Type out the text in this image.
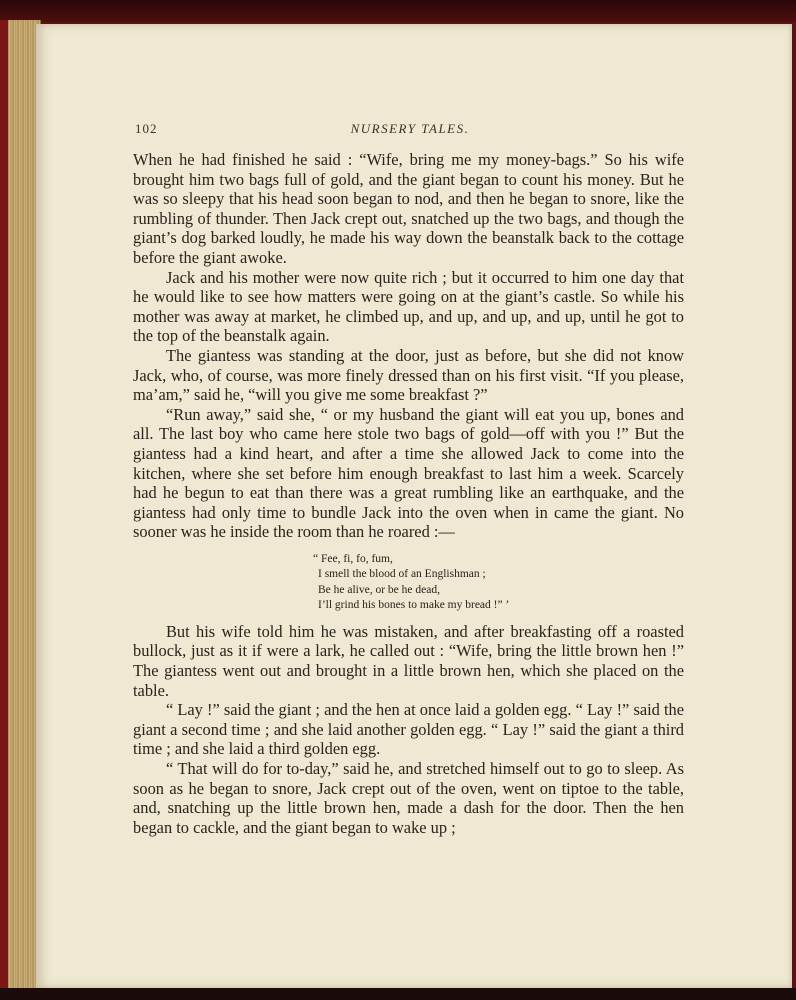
102	NURSERY TALES.

When he had finished he said : “Wife, bring me my money-bags.” So his wife brought him two bags full of gold, and the giant began to count his money. But he was so sleepy that his head soon began to nod, and then he began to snore, like the rumbling of thunder. Then Jack crept out, snatched up the two bags, and though the giant’s dog barked loudly, he made his way down the beanstalk back to the cottage before the giant awoke.

Jack and his mother were now quite rich ; but it occurred to him one day that he would like to see how matters were going on at the giant’s castle. So while his mother was away at market, he climbed up, and up, and up, and up, until he got to the top of the beanstalk again.

The giantess was standing at the door, just as before, but she did not know Jack, who, of course, was more finely dressed than on his first visit. “If you please, ma’am,” said he, “will you give me some breakfast ?”

“Run away,” said she, “ or my husband the giant will eat you up, bones and all. The last boy who came here stole two bags of gold—off with you !” But the giantess had a kind heart, and after a time she allowed Jack to come into the kitchen, where she set before him enough breakfast to last him a week. Scarcely had he begun to eat than there was a great rumbling like an earthquake, and the giantess had only time to bundle Jack into the oven when in came the giant. No sooner was he inside the room than he roared :—

“ Fee, fi, fo, fum,
I smell the blood of an Englishman ;
Be he alive, or be he dead,
I’ll grind his bones to make my bread !” ’

But his wife told him he was mistaken, and after breakfasting off a roasted bullock, just as it if were a lark, he called out : “Wife, bring the little brown hen !” The giantess went out and brought in a little brown hen, which she placed on the table.

“ Lay !” said the giant ; and the hen at once laid a golden egg. “ Lay !” said the giant a second time ; and she laid another golden egg. “ Lay !” said the giant a third time ; and she laid a third golden egg.

“ That will do for to-day,” said he, and stretched himself out to go to sleep. As soon as he began to snore, Jack crept out of the oven, went on tiptoe to the table, and, snatching up the little brown hen, made a dash for the door. Then the hen began to cackle, and the giant began to wake up ;
